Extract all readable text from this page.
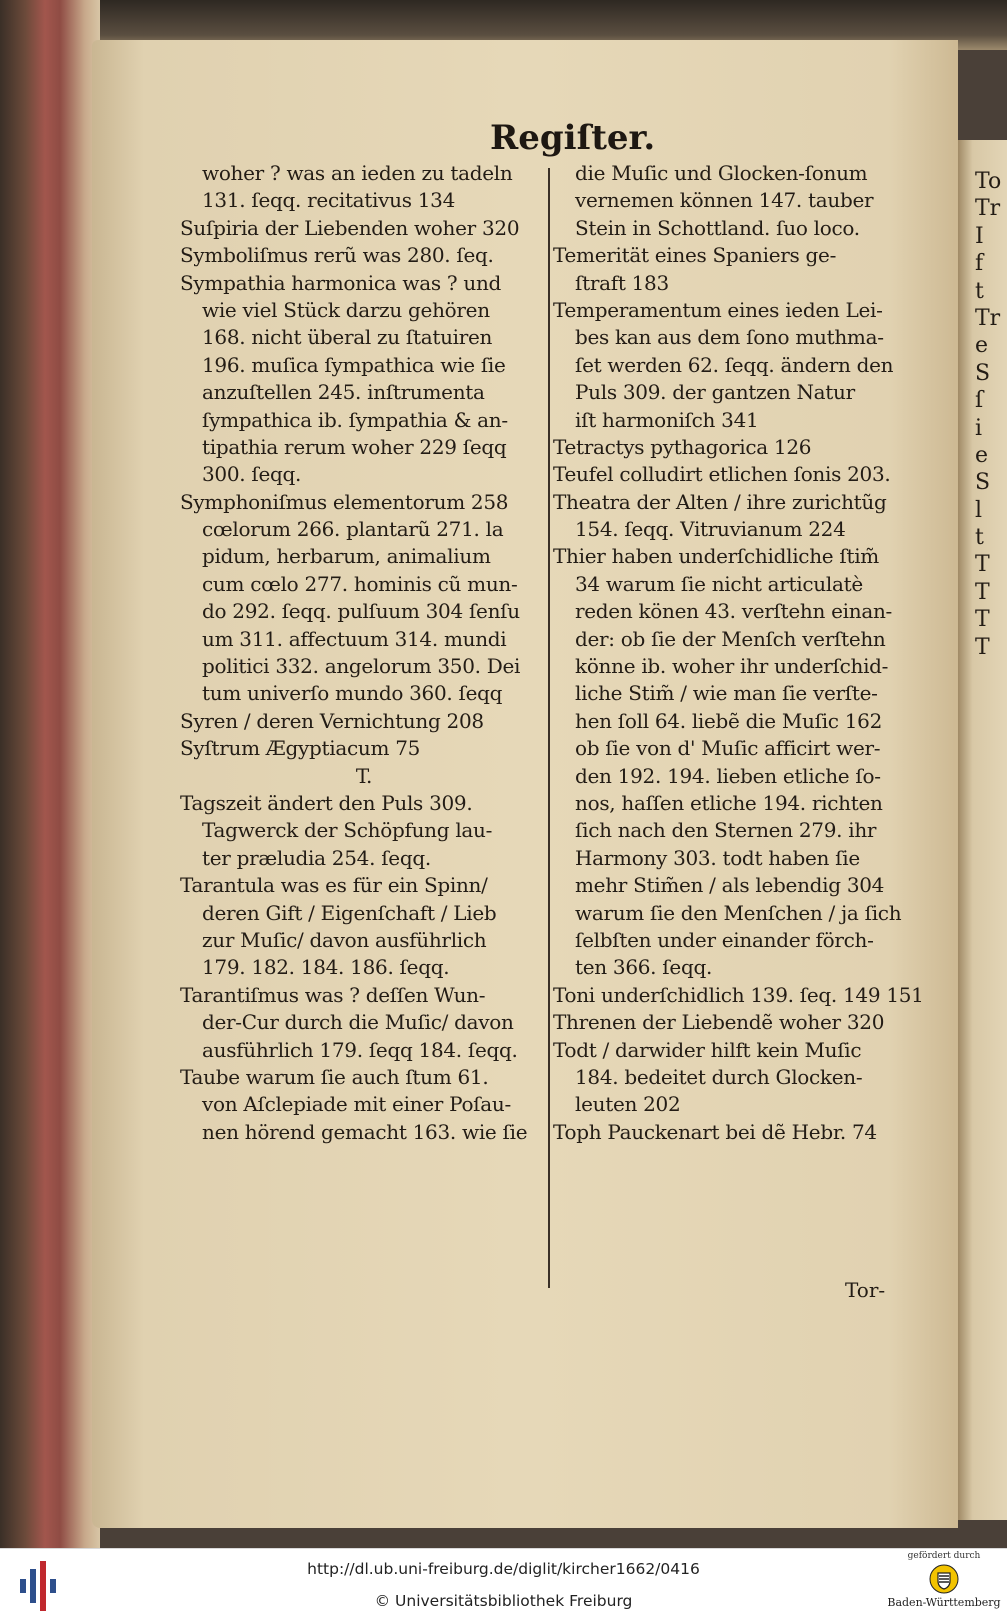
Regiſter.
woher ? was an ieden zu tadeln
131. ſeqq. recitativus 134
Suſpiria der Liebenden woher 320
Symboliſmus rerũ was 280. ſeq.
Sympathia harmonica was ? und
wie viel Stück darzu gehören
168. nicht überal zu ſtatuiren
196. muſica ſympathica wie ſie
anzuſtellen 245. inſtrumenta
ſympathica ib. ſympathia & an-
tipathia rerum woher 229 ſeqq
300. ſeqq.
Symphoniſmus elementorum 258
cœlorum 266. plantarũ 271. la
pidum, herbarum, animalium
cum cœlo 277. hominis cũ mun-
do 292. ſeqq. pulſuum 304 ſenſu
um 311. affectuum 314. mundi
politici 332. angelorum 350. Dei
tum univerſo mundo 360. ſeqq
Syren / deren Vernichtung 208
Syſtrum Ægyptiacum 75
T.
Tagszeit ändert den Puls 309.
Tagwerck der Schöpfung lau-
ter præludia 254. ſeqq.
Tarantula was es für ein Spinn/
deren Gift / Eigenſchaft / Lieb
zur Muſic/ davon ausführlich
179. 182. 184. 186. ſeqq.
Tarantiſmus was ? deſſen Wun-
der-Cur durch die Muſic/ davon
ausführlich 179. ſeqq 184. ſeqq.
Taube warum ſie auch ſtum 61.
von Aſclepiade mit einer Poſau-
nen hörend gemacht 163. wie ſie
die Muſic und Glocken-ſonum
vernemen können 147. tauber
Stein in Schottland. ſuo loco.
Temerität eines Spaniers ge-
ſtraft 183
Temperamentum eines ieden Lei-
bes kan aus dem ſono muthma-
ſet werden 62. ſeqq. ändern den
Puls 309. der gantzen Natur
iſt harmoniſch 341
Tetractys pythagorica 126
Teufel colludirt etlichen ſonis 203.
Theatra der Alten / ihre zurichtũg
154. ſeqq. Vitruvianum 224
Thier haben underſchidliche ſtim̃
34 warum ſie nicht articulatè
reden könen 43. verſtehn einan-
der: ob ſie der Menſch verſtehn
könne ib. woher ihr underſchid-
liche Stim̃ / wie man ſie verſte-
hen ſoll 64. liebẽ die Muſic 162
ob ſie von d' Muſic afficirt wer-
den 192. 194. lieben etliche ſo-
nos, haſſen etliche 194. richten
ſich nach den Sternen 279. ihr
Harmony 303. todt haben ſie
mehr Stim̃en / als lebendig 304
warum ſie den Menſchen / ja ſich
ſelbſten under einander förch-
ten 366. ſeqq.
Toni underſchidlich 139. ſeq. 149 151
Threnen der Liebendẽ woher 320
Todt / darwider hilft kein Muſic
184. bedeitet durch Glocken-
leuten 202
Toph Pauckenart bei dẽ Hebr. 74
Tor-
To
Tr
I
f
t
Tr
e
S
ſ
i
e
S
l
t
T
T
T
T
http://dl.ub.uni-freiburg.de/diglit/kircher1662/0416
© Universitätsbibliothek Freiburg
gefördert durch
Baden-Württemberg
